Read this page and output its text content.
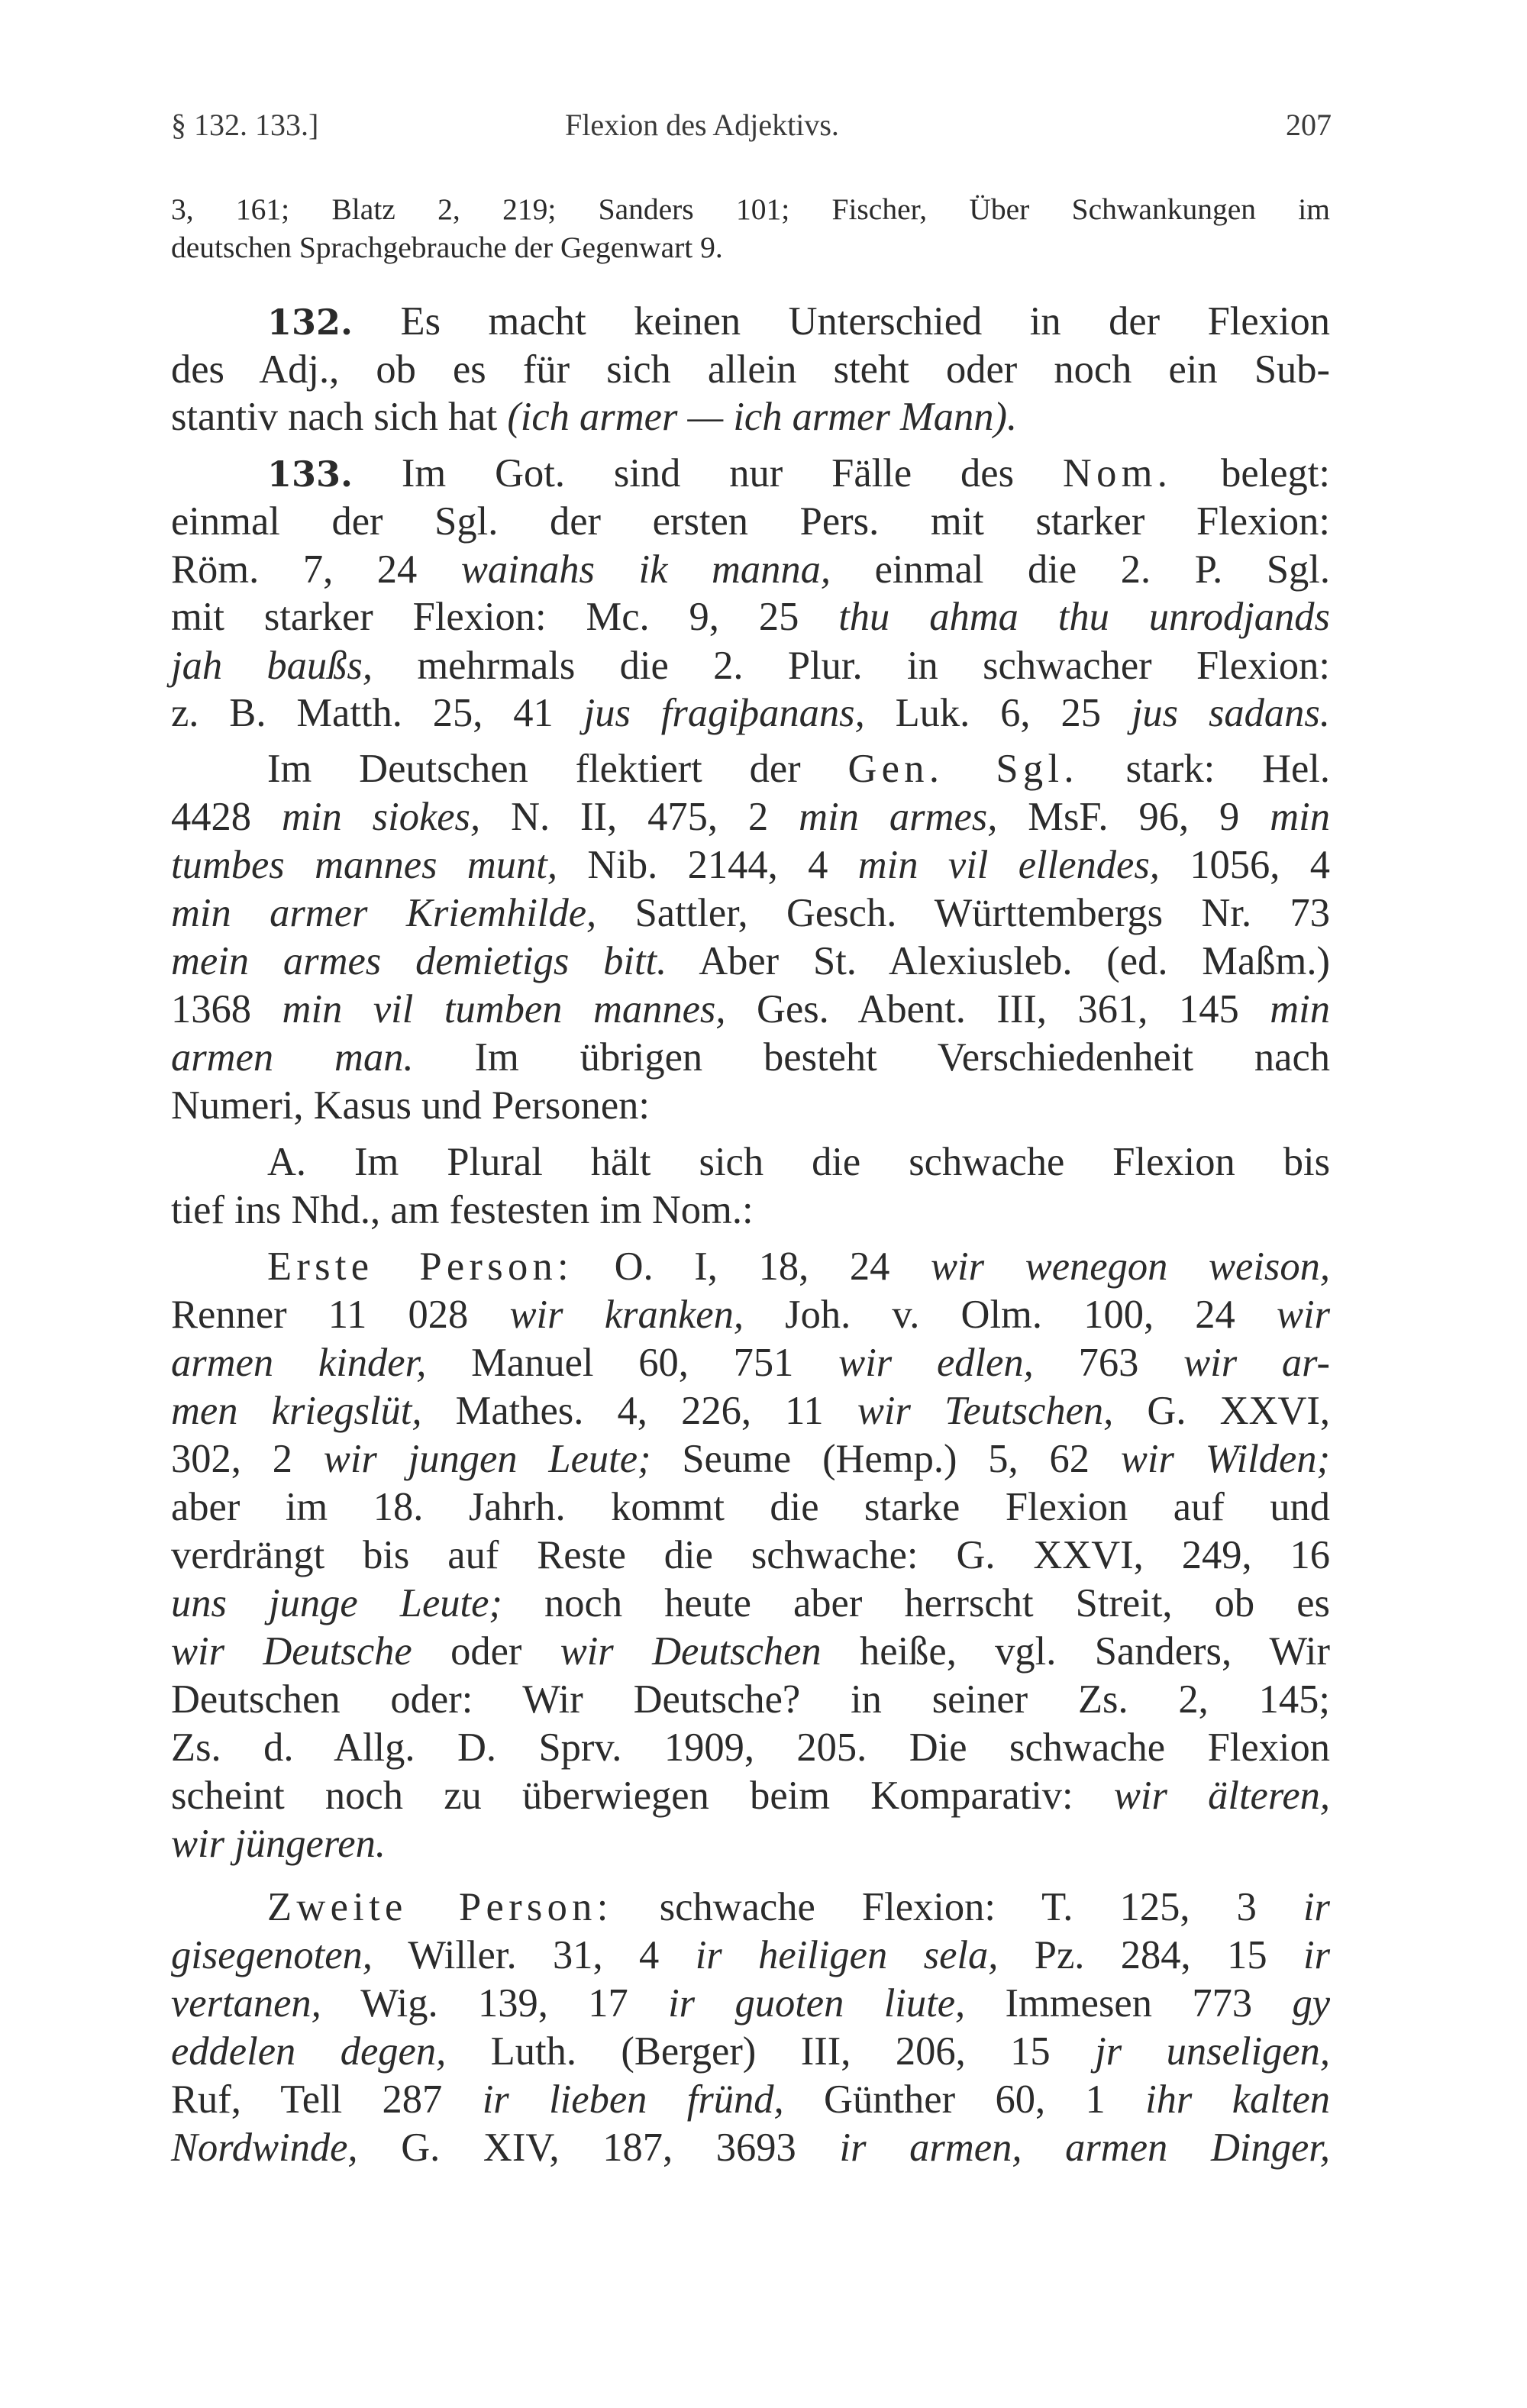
§ 132. 133.]	Flexion des Adjektivs.	207
3, 161; Blatz 2, 219; Sanders 101; Fischer, Über Schwankungen im
deutschen Sprachgebrauche der Gegenwart 9.
132. Es macht keinen Unterschied in der Flexion
des Adj., ob es für sich allein steht oder noch ein Sub-
stantiv nach sich hat (ich armer — ich armer Mann).
133. Im Got. sind nur Fälle des Nom. belegt:
einmal der Sgl. der ersten Pers. mit starker Flexion:
Röm. 7, 24 wainahs ik manna, einmal die 2. P. Sgl.
mit starker Flexion: Mc. 9, 25 thu ahma thu unrodjands
jah baußs, mehrmals die 2. Plur. in schwacher Flexion:
z. B. Matth. 25, 41 jus fragiþanans, Luk. 6, 25 jus sadans.
Im Deutschen flektiert der Gen. Sgl. stark: Hel.
4428 min siokes, N. II, 475, 2 min armes, MsF. 96, 9 min
tumbes mannes munt, Nib. 2144, 4 min vil ellendes, 1056, 4
min armer Kriemhilde, Sattler, Gesch. Württembergs Nr. 73
mein armes demietigs bitt. Aber St. Alexiusleb. (ed. Maßm.)
1368 min vil tumben mannes, Ges. Abent. III, 361, 145 min
armen man. Im übrigen besteht Verschiedenheit nach
Numeri, Kasus und Personen:
A. Im Plural hält sich die schwache Flexion bis
tief ins Nhd., am festesten im Nom.:
Erste Person: O. I, 18, 24 wir wenegon weison,
Renner 11 028 wir kranken, Joh. v. Olm. 100, 24 wir
armen kinder, Manuel 60, 751 wir edlen, 763 wir ar-
men kriegslüt, Mathes. 4, 226, 11 wir Teutschen, G. XXVI,
302, 2 wir jungen Leute; Seume (Hemp.) 5, 62 wir Wilden;
aber im 18. Jahrh. kommt die starke Flexion auf und
verdrängt bis auf Reste die schwache: G. XXVI, 249, 16
uns junge Leute; noch heute aber herrscht Streit, ob es
wir Deutsche oder wir Deutschen heiße, vgl. Sanders, Wir
Deutschen oder: Wir Deutsche? in seiner Zs. 2, 145;
Zs. d. Allg. D. Sprv. 1909, 205. Die schwache Flexion
scheint noch zu überwiegen beim Komparativ: wir älteren,
wir jüngeren.
Zweite Person: schwache Flexion: T. 125, 3 ir
gisegenoten, Willer. 31, 4 ir heiligen sela, Pz. 284, 15 ir
vertanen, Wig. 139, 17 ir guoten liute, Immesen 773 gy
eddelen degen, Luth. (Berger) III, 206, 15 jr unseligen,
Ruf, Tell 287 ir lieben fründ, Günther 60, 1 ihr kalten
Nordwinde, G. XIV, 187, 3693 ir armen, armen Dinger,
